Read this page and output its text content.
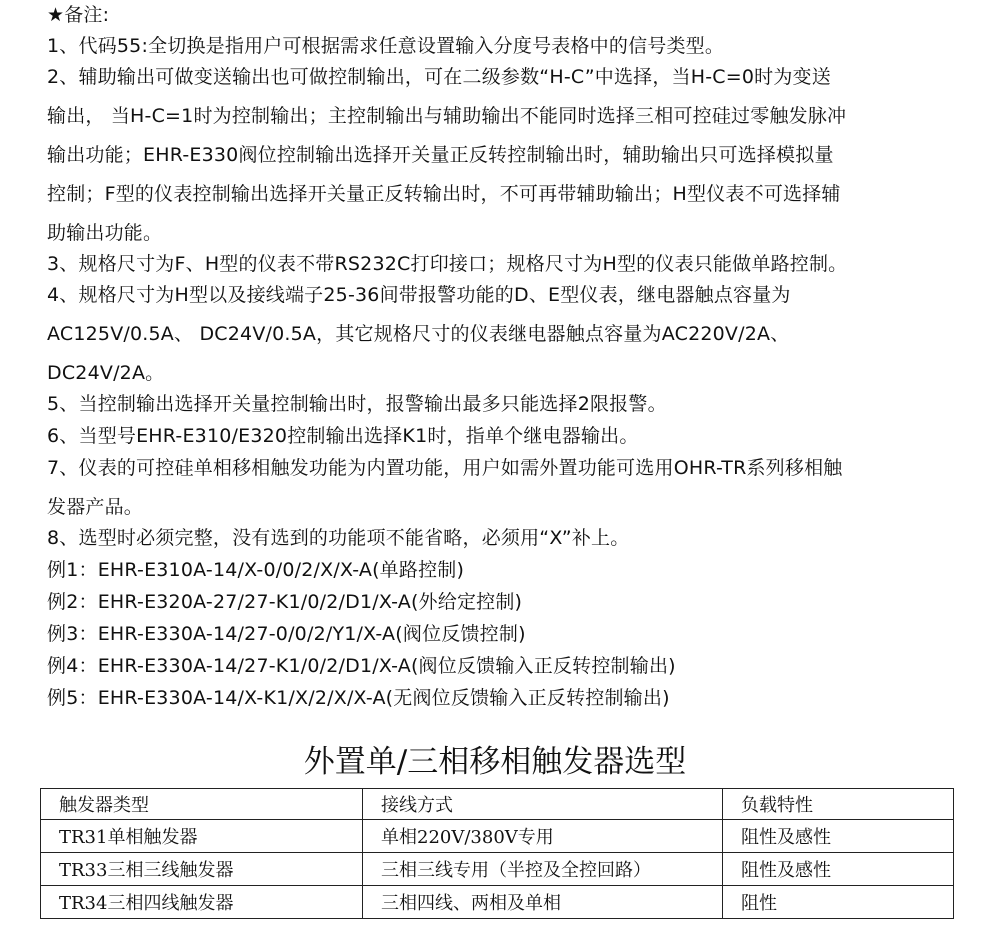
★备注:
1、代码55:全切换是指用户可根据需求任意设置输入分度号表格中的信号类型。
2、辅助输出可做变送输出也可做控制输出，可在二级参数“H-C”中选择，当H-C=0时为变送
输出， 当H-C=1时为控制输出；主控制输出与辅助输出不能同时选择三相可控硅过零触发脉冲
输出功能；EHR-E330阀位控制输出选择开关量正反转控制输出时，辅助输出只可选择模拟量
控制；F型的仪表控制输出选择开关量正反转输出时，不可再带辅助输出；H型仪表不可选择辅
助输出功能。
3、规格尺寸为F、H型的仪表不带RS232C打印接口；规格尺寸为H型的仪表只能做单路控制。
4、规格尺寸为H型以及接线端子25-36间带报警功能的D、E型仪表，继电器触点容量为
AC125V/0.5A、 DC24V/0.5A，其它规格尺寸的仪表继电器触点容量为AC220V/2A、
DC24V/2A。
5、当控制输出选择开关量控制输出时，报警输出最多只能选择2限报警。
6、当型号EHR-E310/E320控制输出选择K1时，指单个继电器输出。
7、仪表的可控硅单相移相触发功能为内置功能，用户如需外置功能可选用OHR-TR系列移相触
发器产品。
8、选型时必须完整，没有选到的功能项不能省略，必须用“X”补上。
例1：EHR-E310A-14/X-0/0/2/X/X-A(单路控制)
例2：EHR-E320A-27/27-K1/0/2/D1/X-A(外给定控制)
例3：EHR-E330A-14/27-0/0/2/Y1/X-A(阀位反馈控制)
例4：EHR-E330A-14/27-K1/0/2/D1/X-A(阀位反馈输入正反转控制输出)
例5：EHR-E330A-14/X-K1/X/2/X/X-A(无阀位反馈输入正反转控制输出)
外置单/三相移相触发器选型
触发器类型	接线方式	负载特性
TR31单相触发器	单相220V/380V专用	阻性及感性
TR33三相三线触发器	三相三线专用（半控及全控回路）	阻性及感性
TR34三相四线触发器	三相四线、两相及单相	阻性
